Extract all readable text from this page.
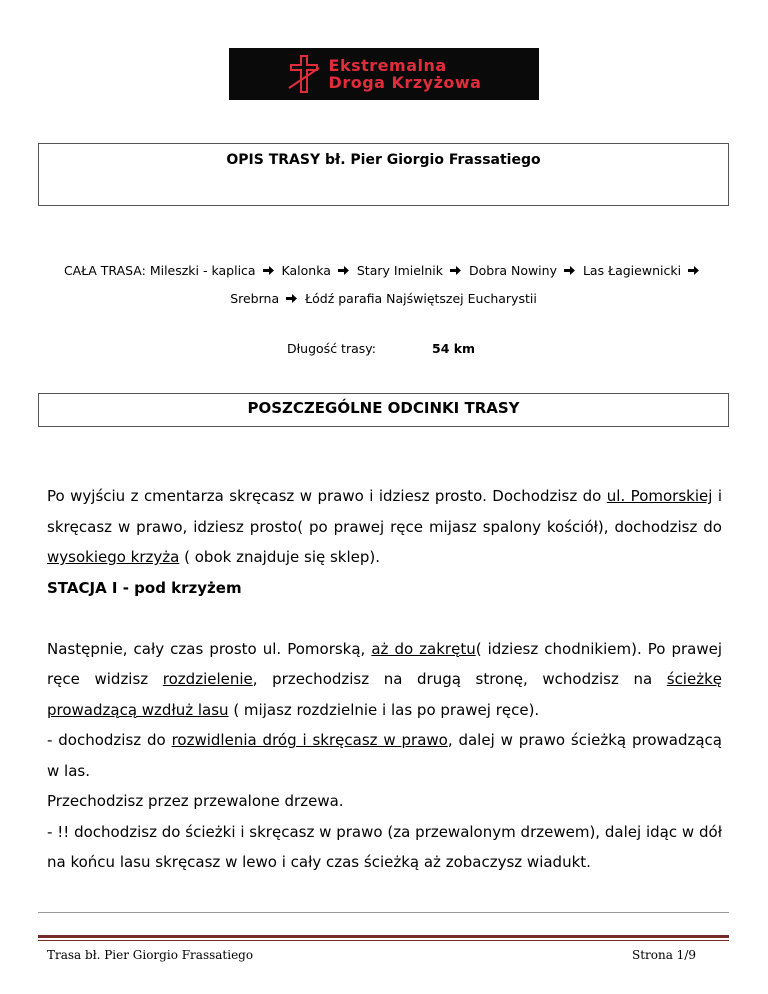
Ekstremalna
Droga Krzyżowa
OPIS TRASY bł. Pier Giorgio Frassatiego
CAŁA TRASA: Mileszki - kaplica Kalonka Stary Imielnik Dobra Nowiny Las Łagiewnicki  Srebrna Łódź parafia Najświętszej Eucharystii
Długość trasy:	54 km
POSZCZEGÓLNE ODCINKI TRASY

Po wyjściu z cmentarza skręcasz w prawo i idziesz prosto. Dochodzisz do ul. Pomorskiej i skręcasz w prawo, idziesz prosto( po prawej ręce mijasz spalony kościół), dochodzisz do wysokiego krzyża ( obok znajduje się sklep).

STACJA I - pod krzyżem

Następnie, cały czas prosto ul. Pomorską, aż do zakrętu( idziesz chodnikiem). Po prawej ręce widzisz rozdzielenie, przechodzisz na drugą stronę, wchodzisz na ścieżkę prowadzącą wzdłuż lasu ( mijasz rozdzielnie i las po prawej ręce).

- dochodzisz do rozwidlenia dróg i skręcasz w prawo, dalej w prawo ścieżką prowadzącą w las.

Przechodzisz przez przewalone drzewa.

- !! dochodzisz do ścieżki i skręcasz w prawo (za przewalonym drzewem), dalej idąc w dół na końcu lasu skręcasz w lewo i cały czas ścieżką aż zobaczysz wiadukt.

Trasa bł. Pier Giorgio Frassatiego	Strona 1/9
